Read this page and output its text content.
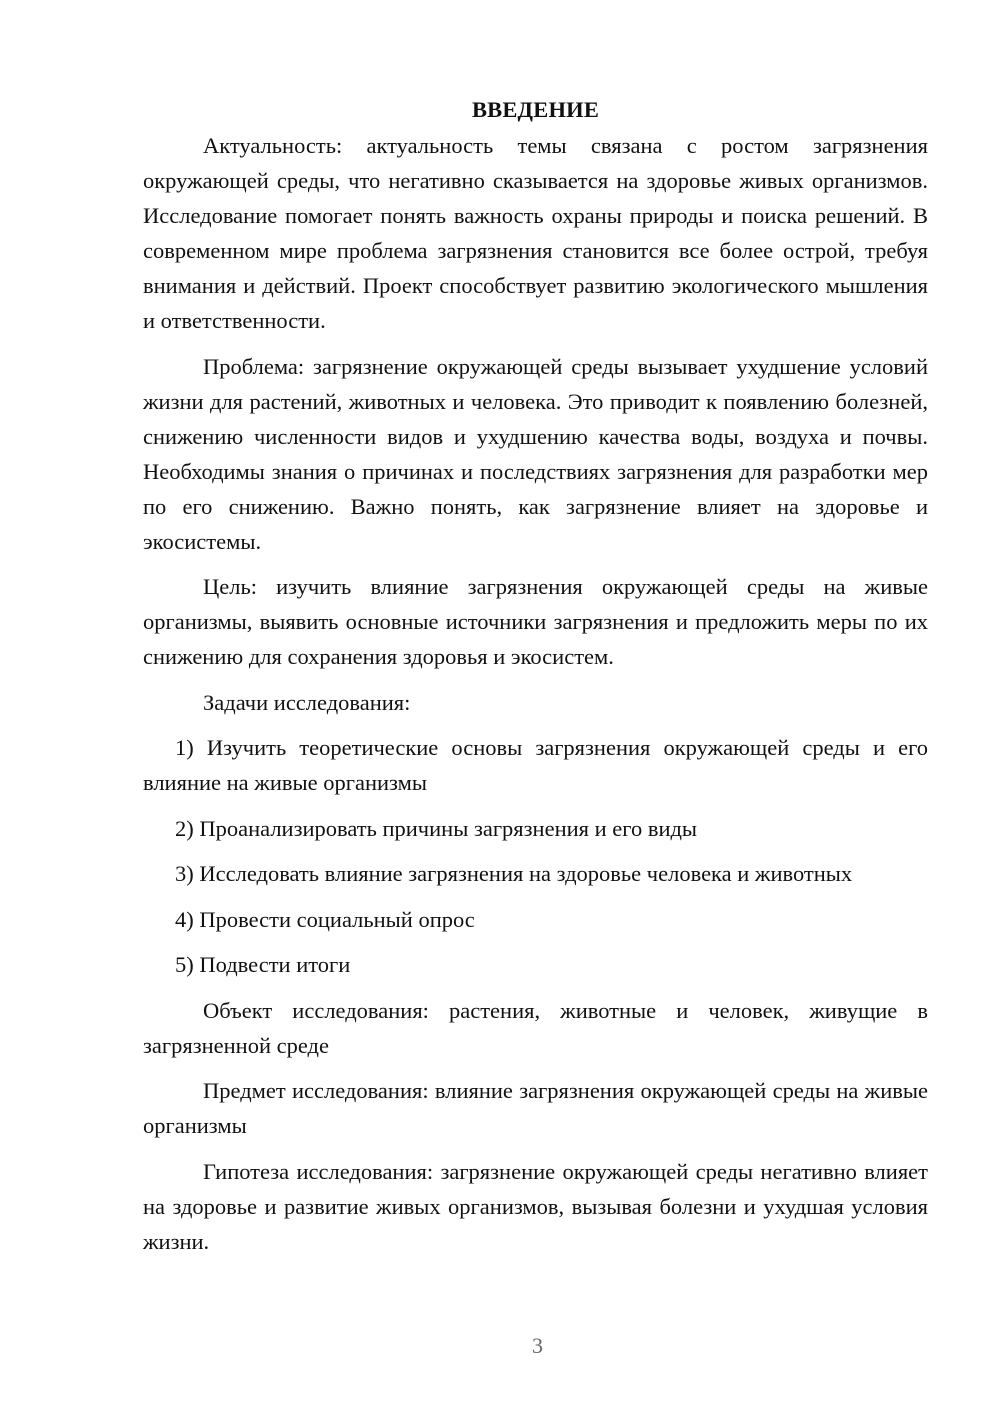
ВВЕДЕНИЕ

Актуальность: актуальность темы связана с ростом загрязнения окружающей среды, что негативно сказывается на здоровье живых организмов. Исследование помогает понять важность охраны природы и поиска решений. В современном мире проблема загрязнения становится все более острой, требуя внимания и действий. Проект способствует развитию экологического мышления и ответственности.

Проблема: загрязнение окружающей среды вызывает ухудшение условий жизни для растений, животных и человека. Это приводит к появлению болезней, снижению численности видов и ухудшению качества воды, воздуха и почвы. Необходимы знания о причинах и последствиях загрязнения для разработки мер по его снижению. Важно понять, как загрязнение влияет на здоровье и экосистемы.

Цель: изучить влияние загрязнения окружающей среды на живые организмы, выявить основные источники загрязнения и предложить меры по их снижению для сохранения здоровья и экосистем.

Задачи исследования:

1) Изучить теоретические основы загрязнения окружающей среды и его влияние на живые организмы

2) Проанализировать причины загрязнения и его виды

3) Исследовать влияние загрязнения на здоровье человека и животных

4) Провести социальный опрос

5) Подвести итоги

Объект исследования: растения, животные и человек, живущие в загрязненной среде

Предмет исследования: влияние загрязнения окружающей среды на живые организмы

Гипотеза исследования: загрязнение окружающей среды негативно влияет на здоровье и развитие живых организмов, вызывая болезни и ухудшая условия жизни.

3
